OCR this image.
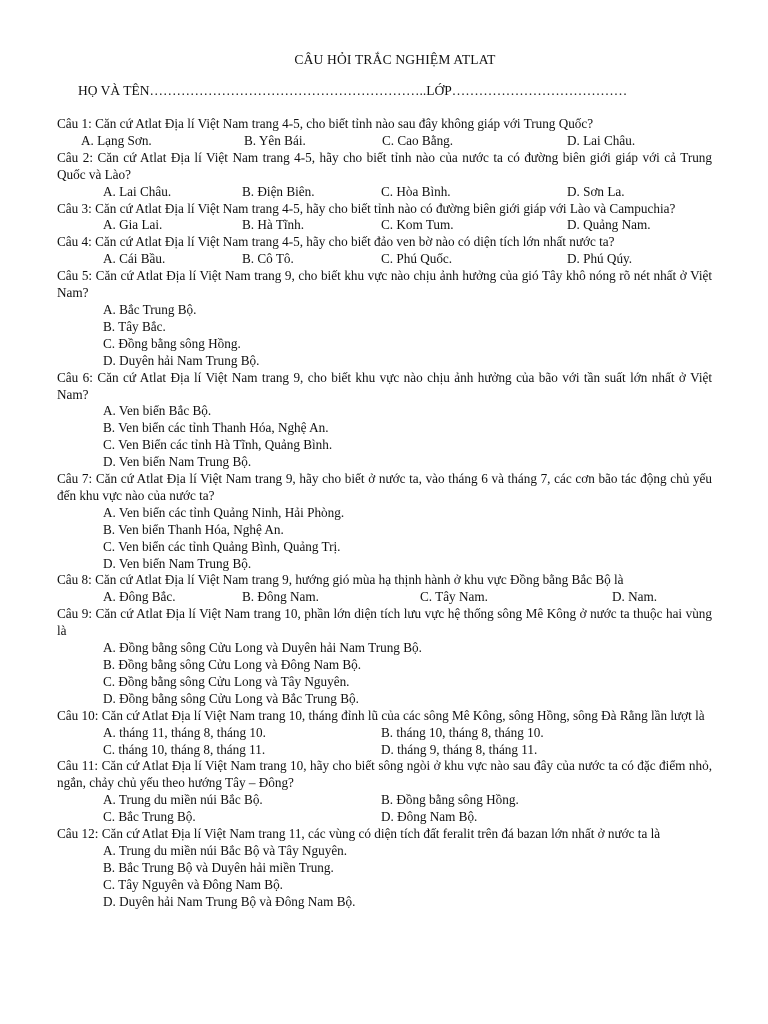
CÂU HỎI TRẮC NGHIỆM ATLAT
HỌ VÀ TÊN……………………………………………………..LỚP…………………………………
Câu 1: Căn cứ Atlat Địa lí Việt Nam trang 4-5, cho biết tỉnh nào sau đây không giáp với Trung Quốc?
A. Lạng Sơn.	B. Yên Bái.	C. Cao Bằng.	D. Lai Châu.
Câu 2: Căn cứ Atlat Địa lí Việt Nam trang 4-5, hãy cho biết tỉnh nào của nước ta có đường biên giới giáp với cả Trung Quốc và Lào?
A. Lai Châu.	B. Điện Biên.	C. Hòa Bình.	D. Sơn La.
Câu 3: Căn cứ Atlat Địa lí Việt Nam trang 4-5, hãy cho biết tỉnh nào có đường biên giới giáp với Lào và Campuchia?
A. Gia Lai.	B. Hà Tĩnh.	C. Kom Tum.	D. Quảng Nam.
Câu 4: Căn cứ Atlat Địa lí Việt Nam trang 4-5, hãy cho biết đảo ven bờ nào có diện tích lớn nhất nước ta?
A. Cái Bầu.	B. Cô Tô.	C. Phú Quốc.	D. Phú Qúy.
Câu 5: Căn cứ Atlat Địa lí Việt Nam trang 9, cho biết khu vực nào chịu ảnh hưởng của gió Tây khô nóng rõ nét nhất ở Việt Nam?
A. Bắc Trung Bộ.
B. Tây Bắc.
C. Đồng bằng sông Hồng.
D. Duyên hải Nam Trung Bộ.
Câu 6: Căn cứ Atlat Địa lí Việt Nam trang 9, cho biết khu vực nào chịu ảnh hưởng của bão với tần suất lớn nhất ở Việt Nam?
A. Ven biển Bắc Bộ.
B. Ven biển các tỉnh Thanh Hóa, Nghệ An.
C. Ven Biển các tỉnh Hà Tĩnh, Quảng Bình.
D. Ven biển Nam Trung Bộ.
Câu 7: Căn cứ Atlat Địa lí Việt Nam trang 9, hãy cho biết ở nước ta, vào tháng 6 và tháng 7, các cơn bão tác động chủ yếu đến khu vực nào của nước ta?
A. Ven biển các tỉnh Quảng Ninh, Hải Phòng.
B. Ven biển Thanh Hóa, Nghệ An.
C. Ven biển các tỉnh Quảng Bình, Quảng Trị.
D. Ven biển Nam Trung Bộ.
Câu 8: Căn cứ Atlat Địa lí Việt Nam trang 9, hướng gió mùa hạ thịnh hành ở khu vực Đồng bằng Bắc Bộ là
A. Đông Bắc.	B. Đông Nam.	C. Tây Nam.	D. Nam.
Câu 9: Căn cứ Atlat Địa lí Việt Nam trang 10, phần lớn diện tích lưu vực hệ thống sông Mê Kông ở nước ta thuộc hai vùng là
A. Đồng bằng sông Cửu Long và Duyên hải Nam Trung Bộ.
B. Đồng bằng sông Cửu Long và Đông Nam Bộ.
C. Đồng bằng sông Cửu Long và Tây Nguyên.
D. Đồng bằng sông Cửu Long và Bắc Trung Bộ.
Câu 10: Căn cứ Atlat Địa lí Việt Nam trang 10, tháng đỉnh lũ của các sông Mê Kông, sông Hồng, sông Đà Rằng lần lượt là
A. tháng 11, tháng 8, tháng 10.	B. tháng 10, tháng 8, tháng 10.
C. tháng 10, tháng 8, tháng 11.	D. tháng 9, tháng 8, tháng 11.
Câu 11: Căn cứ Atlat Địa lí Việt Nam trang 10, hãy cho biết sông ngòi ở khu vực nào sau đây của nước ta có đặc điểm nhỏ, ngắn, chảy chủ yếu theo hướng Tây – Đông?
A. Trung du miền núi Bắc Bộ.	B. Đồng bằng sông Hồng.
C. Bắc Trung Bộ.	D. Đông Nam Bộ.
Câu 12: Căn cứ Atlat Địa lí Việt Nam trang 11, các vùng có diện tích đất feralit trên đá bazan lớn nhất ở nước ta là
A. Trung du miền núi Bắc Bộ và Tây Nguyên.
B. Bắc Trung Bộ và Duyên hải miền Trung.
C. Tây Nguyên và Đông Nam Bộ.
D. Duyên hải Nam Trung Bộ và Đông Nam Bộ.
